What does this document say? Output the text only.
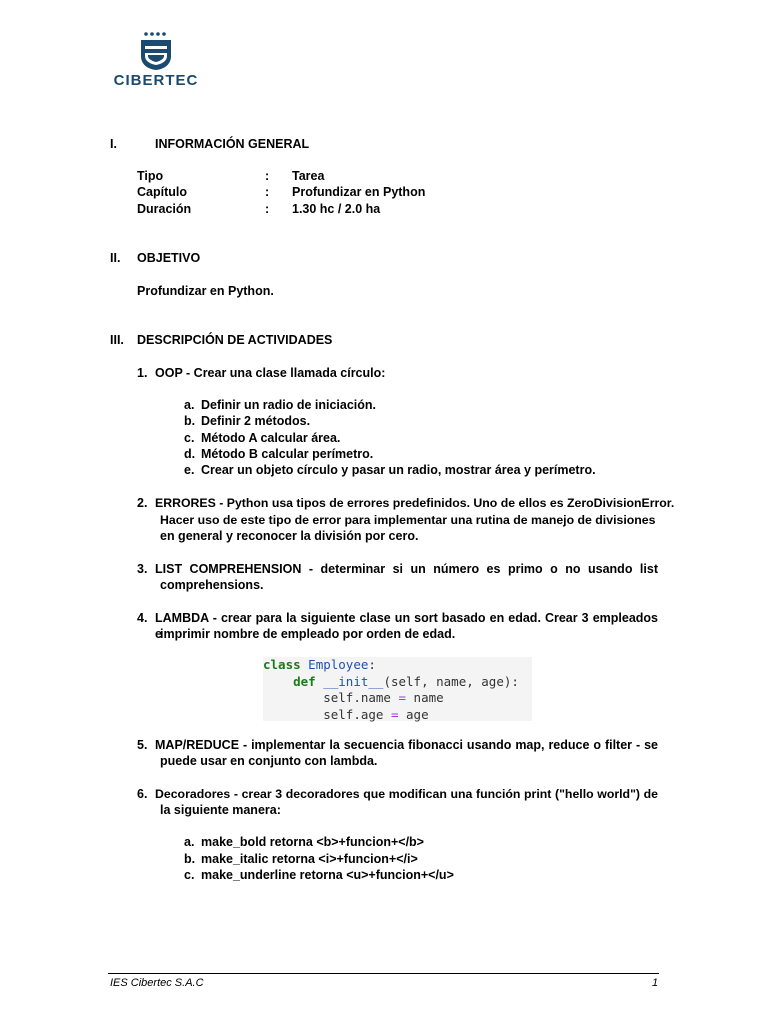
CIBERTEC
I.	INFORMACIÓN GENERAL
Tipo	: Tarea
Capítulo	: Profundizar en Python
Duración	: 1.30 hc / 2.0 ha
II. OBJETIVO
Profundizar en Python.
III. DESCRIPCIÓN DE ACTIVIDADES
1. OOP - Crear una clase llamada círculo:
a. Definir un radio de iniciación.
b. Definir 2 métodos.
c. Método A calcular área.
d. Método B calcular perímetro.
e. Crear un objeto círculo y pasar un radio, mostrar área y perímetro.
2. ERRORES - Python usa tipos de errores predefinidos. Uno de ellos es ZeroDivisionError.
Hacer uso de este tipo de error para implementar una rutina de manejo de divisiones
en general y reconocer la división por cero.
3. LIST COMPREHENSION - determinar si un número es primo o no usando list
comprehensions.
4. LAMBDA - crear para la siguiente clase un sort basado en edad. Crear 3 empleados e
imprimir nombre de empleado por orden de edad.
class Employee:
def __init__(self, name, age):
self.name = name
self.age = age
5. MAP/REDUCE - implementar la secuencia fibonacci usando map, reduce o filter - se
puede usar en conjunto con lambda.
6. Decoradores - crear 3 decoradores que modifican una función print ("hello world") de
la siguiente manera:
a. make_bold retorna <b>+funcion+</b>
b. make_italic retorna <i>+funcion+</i>
c. make_underline retorna <u>+funcion+</u>
IES Cibertec S.A.C	1
